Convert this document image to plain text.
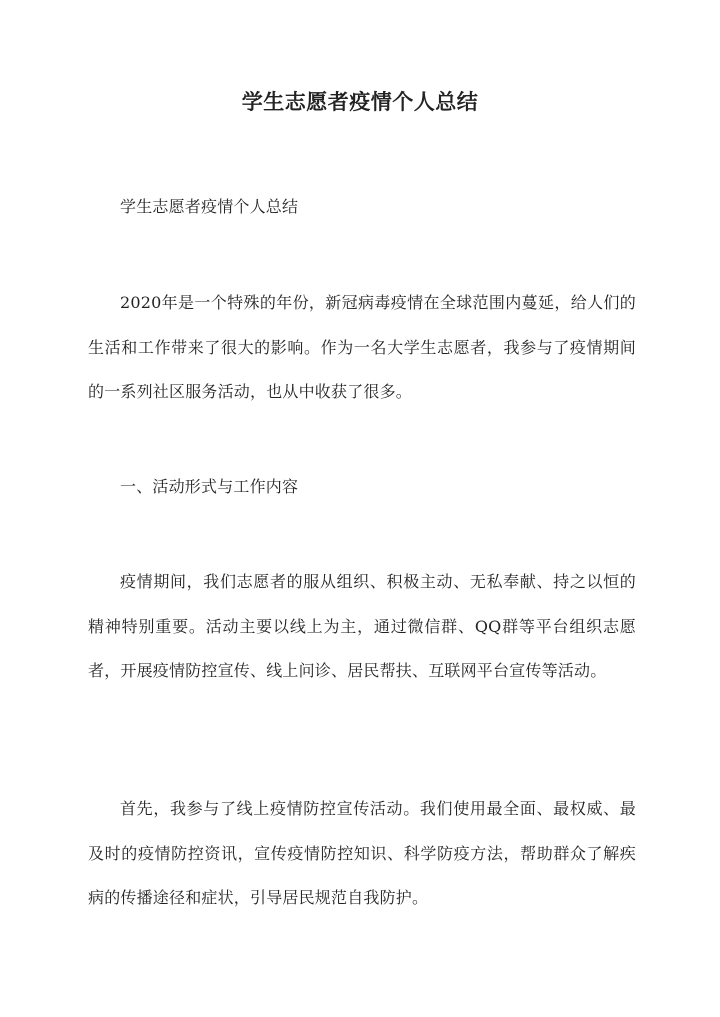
学生志愿者疫情个人总结

学生志愿者疫情个人总结

2020年是一个特殊的年份，新冠病毒疫情在全球范围内蔓延，给人们的生活和工作带来了很大的影响。作为一名大学生志愿者，我参与了疫情期间的一系列社区服务活动，也从中收获了很多。

一、活动形式与工作内容

疫情期间，我们志愿者的服从组织、积极主动、无私奉献、持之以恒的精神特别重要。活动主要以线上为主，通过微信群、QQ群等平台组织志愿者，开展疫情防控宣传、线上问诊、居民帮扶、互联网平台宣传等活动。

首先，我参与了线上疫情防控宣传活动。我们使用最全面、最权威、最及时的疫情防控资讯，宣传疫情防控知识、科学防疫方法，帮助群众了解疾病的传播途径和症状，引导居民规范自我防护。
